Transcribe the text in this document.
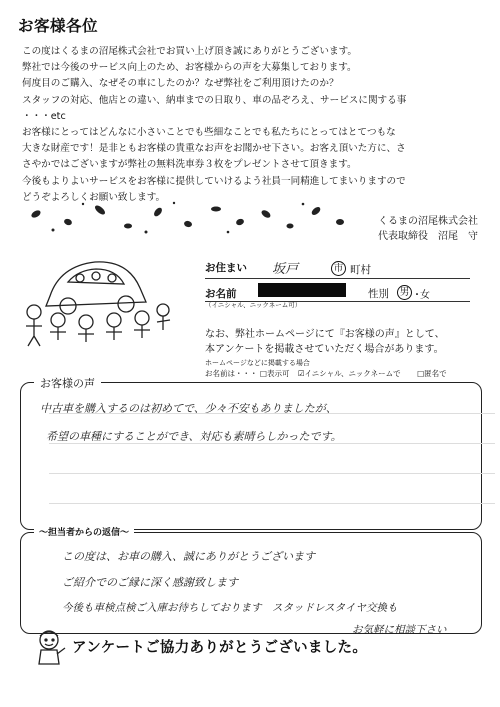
お客様各位

この度はくるまの沼尾株式会社でお買い上げ頂き誠にありがとうございます。

弊社では今後のサービス向上のため、お客様からの声を大募集しております。

何度目のご購入、なぜその車にしたのか？なぜ弊社をご利用頂けたのか？

スタッフの対応、他店との違い、納車までの日取り、車の品ぞろえ、サービスに関する事

・・・etc

お客様にとってはどんなに小さいことでも些細なことでも私たちにとってはとてつもな

大きな財産です！是非ともお客様の貴重なお声をお聞かせ下さい。お客え頂いた方に、さ

さやかではございますが弊社の無料洗車券３枚をプレゼントさせて頂きます。

今後もよりよいサービスをお客様に提供していけるよう社員一同精進してまいりますので

どうぞよろしくお願い致します。

くるまの沼尾株式会社
代表取締役　沼尾　守
お住まい 坂戸	市 町村
お名前
（イニシャル、ニックネーム可）
性別 男 ・
女
なお、弊社ホームページにて『お客様の声』として、
本アンケートを掲載させていただく場合があります。
ホームページなどに掲載する場合
お名前は・・・ □表示可 ☑イニシャル、ニックネームで □匿名で
お客様の声
中古車を購入するのは初めてで、少々不安もありましたが、
希望の車種にすることができ、対応も素晴らしかったです。
～担当者からの返信～
この度は、お車の購入、誠にありがとうございます
ご紹介でのご縁に深く感謝致します
今後も車検点検ご入庫お待ちしております　スタッドレスタイヤ交換も
お気軽に相談下さい
アンケートご協力ありがとうございました。
